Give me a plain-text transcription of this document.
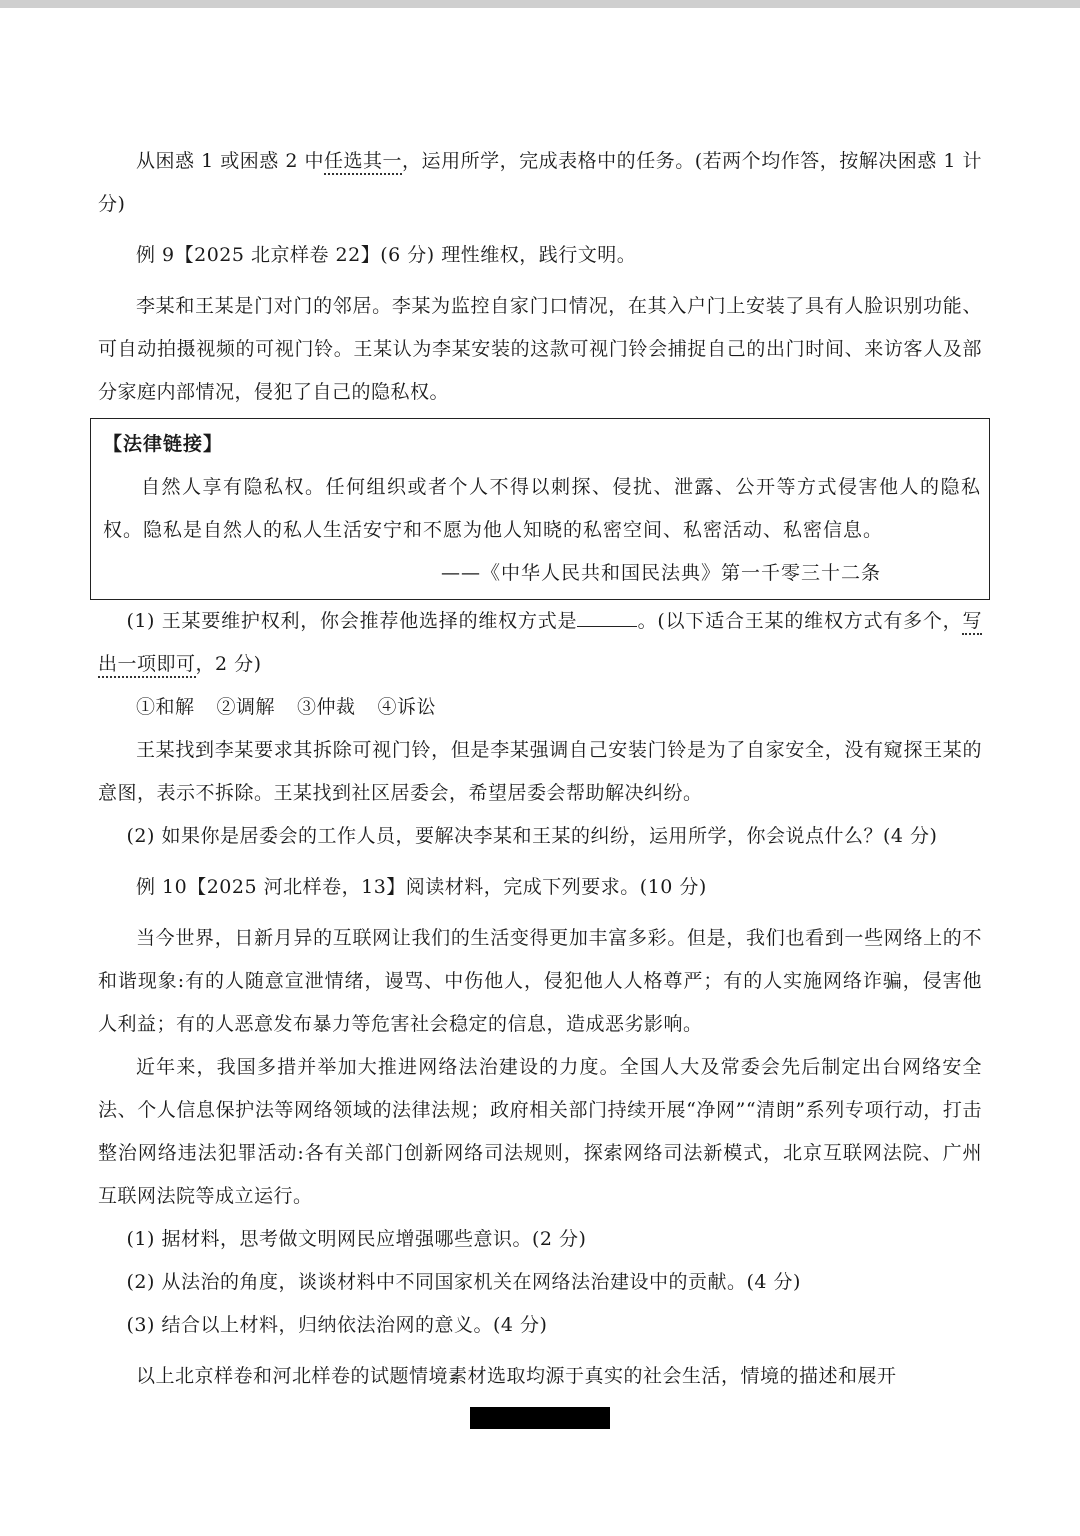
从困惑 1 或困惑 2 中任选其一，运用所学，完成表格中的任务。(若两个均作答，按解决困惑 1 计分)

例 9【2025 北京样卷 22】(6 分) 理性维权，践行文明。

李某和王某是门对门的邻居。李某为监控自家门口情况，在其入户门上安装了具有人脸识别功能、可自动拍摄视频的可视门铃。王某认为李某安装的这款可视门铃会捕捉自己的出门时间、来访客人及部分家庭内部情况，侵犯了自己的隐私权。

【法律链接】

自然人享有隐私权。任何组织或者个人不得以刺探、侵扰、泄露、公开等方式侵害他人的隐私权。隐私是自然人的私人生活安宁和不愿为他人知晓的私密空间、私密活动、私密信息。

——《中华人民共和国民法典》第一千零三十二条

(1) 王某要维护权利，你会推荐他选择的维权方式是	。(以下适合王某的维权方式有多个，写出一项即可，2 分)

①和解 ②调解 ③仲裁 ④诉讼

王某找到李某要求其拆除可视门铃，但是李某强调自己安装门铃是为了自家安全，没有窥探王某的意图，表示不拆除。王某找到社区居委会，希望居委会帮助解决纠纷。

(2) 如果你是居委会的工作人员，要解决李某和王某的纠纷，运用所学，你会说点什么？(4 分)

例 10【2025 河北样卷，13】阅读材料，完成下列要求。(10 分)

当今世界，日新月异的互联网让我们的生活变得更加丰富多彩。但是，我们也看到一些网络上的不和谐现象:有的人随意宣泄情绪，谩骂、中伤他人，侵犯他人人格尊严；有的人实施网络诈骗，侵害他人利益；有的人恶意发布暴力等危害社会稳定的信息，造成恶劣影响。

近年来，我国多措并举加大推进网络法治建设的力度。全国人大及常委会先后制定出台网络安全法、个人信息保护法等网络领域的法律法规；政府相关部门持续开展“净网”“清朗”系列专项行动，打击整治网络违法犯罪活动:各有关部门创新网络司法规则，探索网络司法新模式，北京互联网法院、广州互联网法院等成立运行。

(1) 据材料，思考做文明网民应增强哪些意识。(2 分)

(2) 从法治的角度，谈谈材料中不同国家机关在网络法治建设中的贡献。(4 分)

(3) 结合以上材料，归纳依法治网的意义。(4 分)

以上北京样卷和河北样卷的试题情境素材选取均源于真实的社会生活，情境的描述和展开
